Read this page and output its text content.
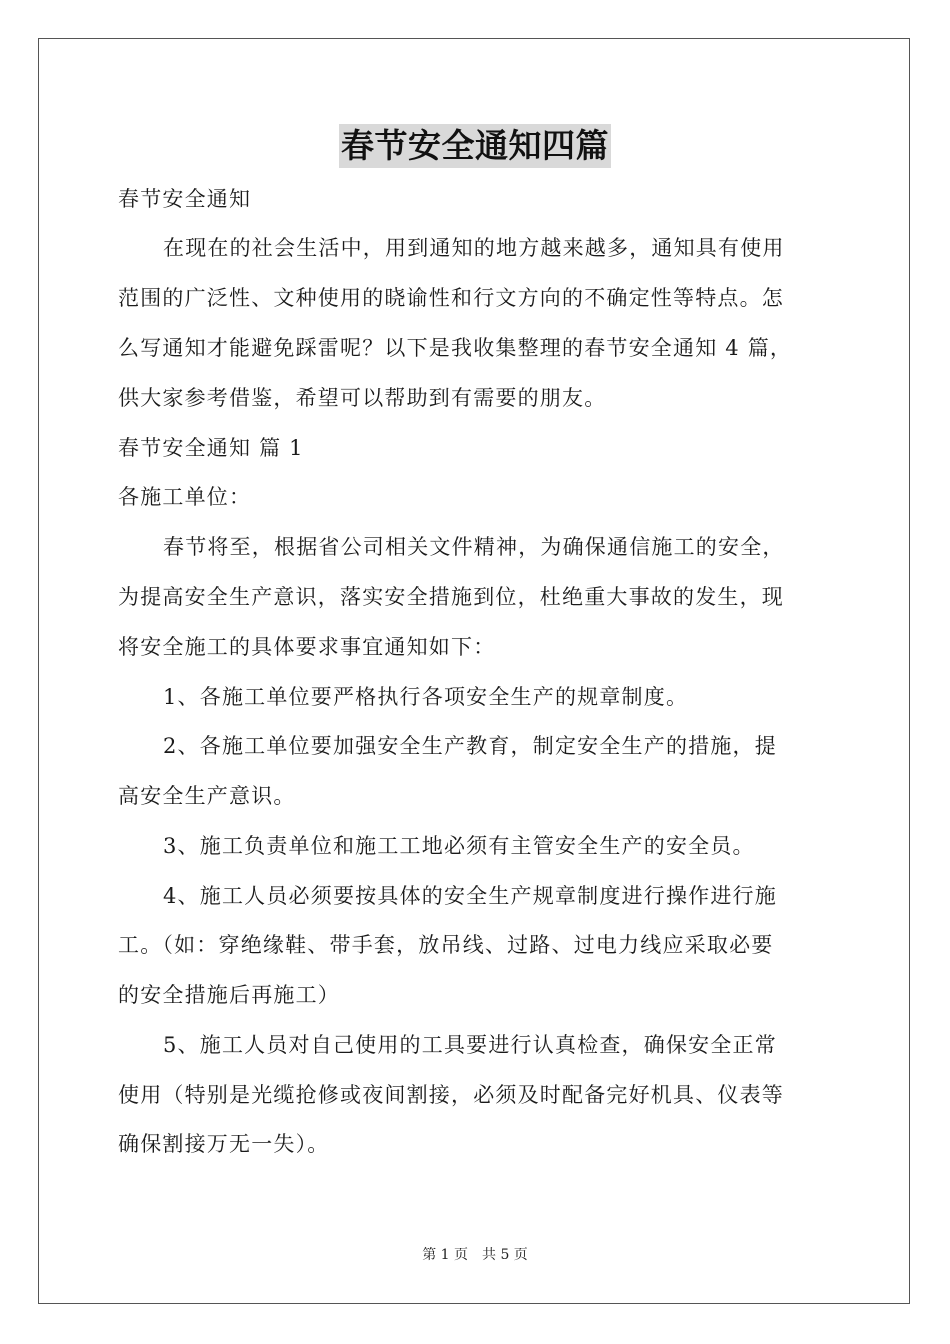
春节安全通知四篇
春节安全通知
在现在的社会生活中，用到通知的地方越来越多，通知具有使用
范围的广泛性、文种使用的晓谕性和行文方向的不确定性等特点。怎
么写通知才能避免踩雷呢？以下是我收集整理的春节安全通知 4 篇，
供大家参考借鉴，希望可以帮助到有需要的朋友。
春节安全通知 篇 1
各施工单位：
春节将至，根据省公司相关文件精神，为确保通信施工的安全，
为提高安全生产意识，落实安全措施到位，杜绝重大事故的发生，现
将安全施工的具体要求事宜通知如下：
1、各施工单位要严格执行各项安全生产的规章制度。
2、各施工单位要加强安全生产教育，制定安全生产的措施，提
高安全生产意识。
3、施工负责单位和施工工地必须有主管安全生产的安全员。
4、施工人员必须要按具体的安全生产规章制度进行操作进行施
工。（如：穿绝缘鞋、带手套，放吊线、过路、过电力线应采取必要
的安全措施后再施工）
5、施工人员对自己使用的工具要进行认真检查，确保安全正常
使用（特别是光缆抢修或夜间割接，必须及时配备完好机具、仪表等
确保割接万无一失）。
第 1 页 共 5 页
